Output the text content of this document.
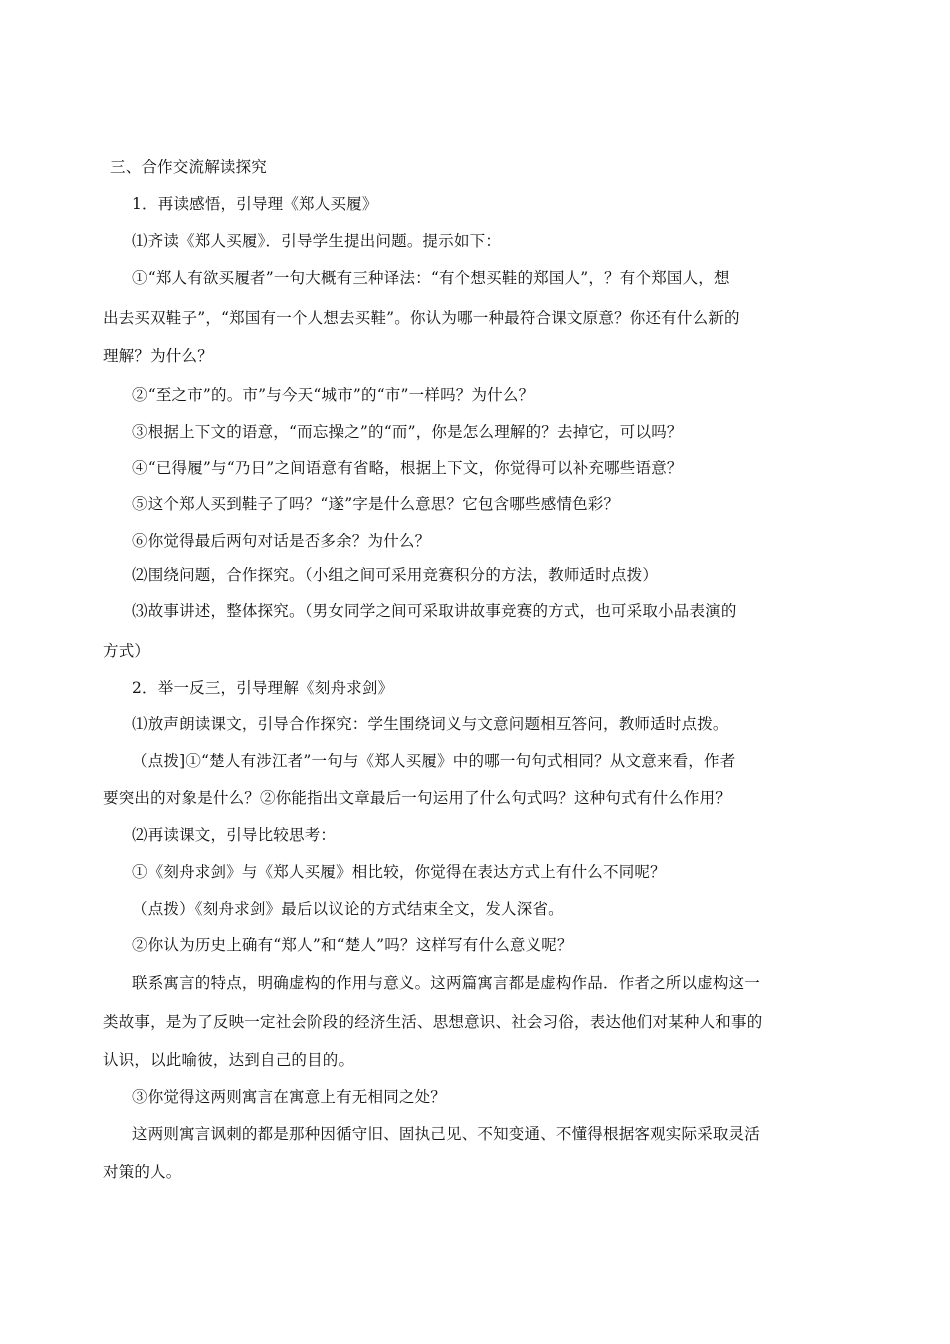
三、合作交流解读探究
1．再读感悟，引导理《郑人买履》
⑴齐读《郑人买履》．引导学生提出问题。提示如下：
①“郑人有欲买履者”一句大概有三种译法：“有个想买鞋的郑国人”，？有个郑国人，想
出去买双鞋子”，“郑国有一个人想去买鞋”。你认为哪一种最符合课文原意？你还有什么新的
理解？为什么？
②“至之市”的。市”与今天“城市”的“市”一样吗？为什么？
③根据上下文的语意，“而忘操之”的“而”，你是怎么理解的？去掉它，可以吗？
④“已得履”与“乃日”之间语意有省略，根据上下文，你觉得可以补充哪些语意？
⑤这个郑人买到鞋子了吗？“遂”字是什么意思？它包含哪些感情色彩？
⑥你觉得最后两句对话是否多余？为什么？
⑵围绕问题，合作探究。（小组之间可采用竞赛积分的方法，教师适时点拨）
⑶故事讲述，整体探究。（男女同学之间可采取讲故事竞赛的方式，也可采取小品表演的
方式）
2．举一反三，引导理解《刻舟求剑》
⑴放声朗读课文，引导合作探究：学生围绕词义与文意问题相互答问，教师适时点拨。
（点拨]①“楚人有涉江者”一句与《郑人买履》中的哪一句句式相同？从文意来看，作者
要突出的对象是什么？②你能指出文章最后一句运用了什么句式吗？这种句式有什么作用？
⑵再读课文，引导比较思考：
①《刻舟求剑》与《郑人买履》相比较，你觉得在表达方式上有什么不同呢？
（点拨）《刻舟求剑》最后以议论的方式结束全文，发人深省。
②你认为历史上确有“郑人”和“楚人”吗？这样写有什么意义呢？
联系寓言的特点，明确虚构的作用与意义。这两篇寓言都是虚构作品．作者之所以虚构这一
类故事，是为了反映一定社会阶段的经济生活、思想意识、社会习俗，表达他们对某种人和事的
认识，以此喻彼，达到自己的目的。
③你觉得这两则寓言在寓意上有无相同之处？
这两则寓言讽刺的都是那种因循守旧、固执己见、不知变通、不懂得根据客观实际采取灵活
对策的人。
